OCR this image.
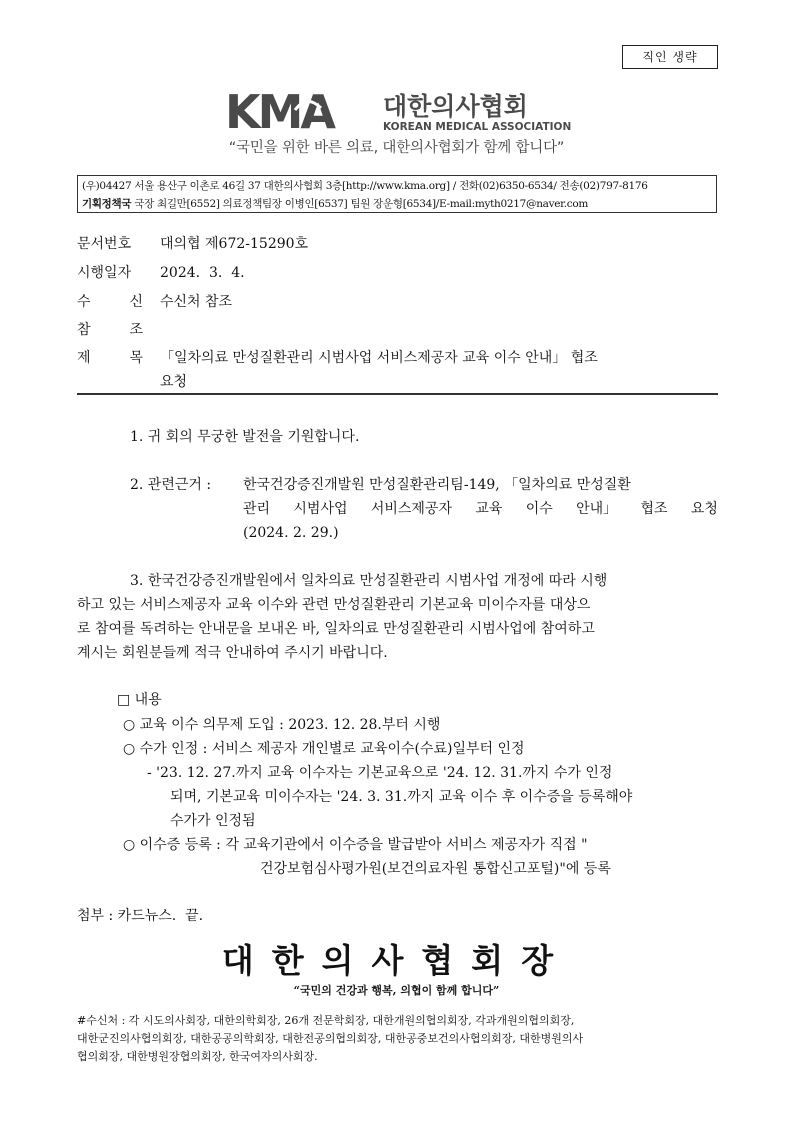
직인 생략
KMA 대한의사협회
KOREAN MEDICAL ASSOCIATION
“국민을 위한 바른 의료, 대한의사협회가 함께 합니다”
(우)04427 서울 용산구 이촌로 46길 37 대한의사협회 3층[http://www.kma.org] / 전화(02)6350-6534/ 전송(02)797-8176
기획정책국 국장 최길만[6552] 의료정책팀장 이병인[6537] 팀원 장운형[6534]/E-mail:myth0217@naver.com
문서번호 대의협 제672-15290호
시행일자 2024.  3.  4.
수	신 수신처 참조
참	조
제	목 「일차의료 만성질환관리 시범사업 서비스제공자 교육 이수 안내」 협조
요청
1. 귀 회의 무궁한 발전을 기원합니다.
2. 관련근거 : 한국건강증진개발원 만성질환관리팀-149, 「일차의료 만성질환
관리 시범사업 서비스제공자 교육 이수 안내」 협조 요청
(2024. 2. 29.)
3. 한국건강증진개발원에서 일차의료 만성질환관리 시범사업 개정에 따라 시행
하고 있는 서비스제공자 교육 이수와 관련 만성질환관리 기본교육 미이수자를 대상으
로 참여를 독려하는 안내문을 보내온 바, 일차의료 만성질환관리 시범사업에 참여하고
계시는 회원분들께 적극 안내하여 주시기 바랍니다.
□ 내용
○ 교육 이수 의무제 도입 : 2023. 12. 28.부터 시행
○ 수가 인정 : 서비스 제공자 개인별로 교육이수(수료)일부터 인정
- '23. 12. 27.까지 교육 이수자는 기본교육으로 '24. 12. 31.까지 수가 인정
되며, 기본교육 미이수자는 '24. 3. 31.까지 교육 이수 후 이수증을 등록해야
수가가 인정됨
○ 이수증 등록 : 각 교육기관에서 이수증을 발급받아 서비스 제공자가 직접 "
건강보험심사평가원(보건의료자원 통합신고포털)"에 등록
첨부 : 카드뉴스.  끝.
대한의사협회장
“국민의 건강과 행복, 의협이 함께 합니다”
#수신처 : 각 시도의사회장, 대한의학회장, 26개 전문학회장, 대한개원의협의회장, 각과개원의협의회장,
대한군진의사협의회장, 대한공공의학회장, 대한전공의협의회장, 대한공중보건의사협의회장, 대한병원의사
협의회장, 대한병원장협의회장, 한국여자의사회장.
